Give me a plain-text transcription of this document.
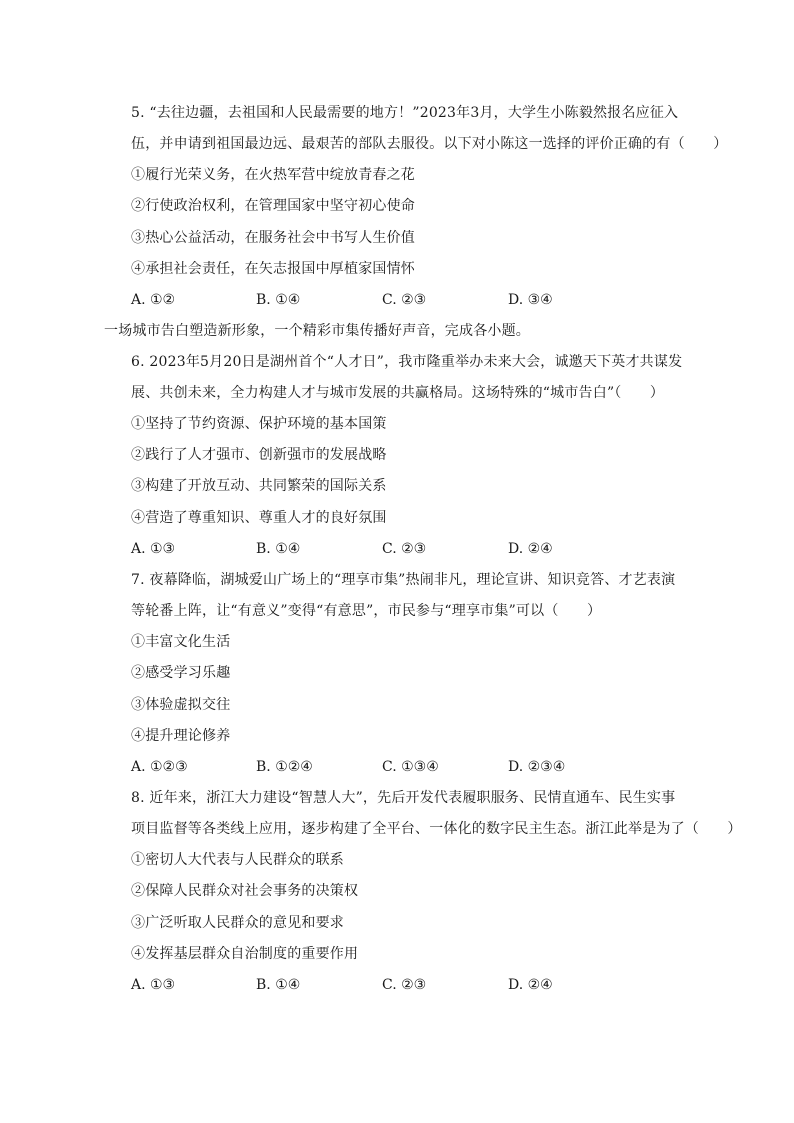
5. “去往边疆，去祖国和人民最需要的地方！”2023年3月，大学生小陈毅然报名应征入
伍，并申请到祖国最边远、最艰苦的部队去服役。以下对小陈这一选择的评价正确的有（　　）
①履行光荣义务，在火热军营中绽放青春之花
②行使政治权利，在管理国家中坚守初心使命
③热心公益活动，在服务社会中书写人生价值
④承担社会责任，在矢志报国中厚植家国情怀
A. ①②	B. ①④	C. ②③	D. ③④
一场城市告白塑造新形象，一个精彩市集传播好声音，完成各小题。
6. 2023年5月20日是湖州首个“人才日”，我市隆重举办未来大会，诚邀天下英才共谋发
展、共创未来，全力构建人才与城市发展的共赢格局。这场特殊的“城市告白”（　　）
①坚持了节约资源、保护环境的基本国策
②践行了人才强市、创新强市的发展战略
③构建了开放互动、共同繁荣的国际关系
④营造了尊重知识、尊重人才的良好氛围
A. ①③	B. ①④	C. ②③	D. ②④
7. 夜幕降临，湖城爱山广场上的“理享市集”热闹非凡，理论宣讲、知识竞答、才艺表演
等轮番上阵，让“有意义”变得“有意思”，市民参与“理享市集”可以（　　）
①丰富文化生活
②感受学习乐趣
③体验虚拟交往
④提升理论修养
A. ①②③	B. ①②④	C. ①③④	D. ②③④
8. 近年来，浙江大力建设“智慧人大”，先后开发代表履职服务、民情直通车、民生实事
项目监督等各类线上应用，逐步构建了全平台、一体化的数字民主生态。浙江此举是为了（　　）
①密切人大代表与人民群众的联系
②保障人民群众对社会事务的决策权
③广泛听取人民群众的意见和要求
④发挥基层群众自治制度的重要作用
A. ①③	B. ①④	C. ②③	D. ②④
